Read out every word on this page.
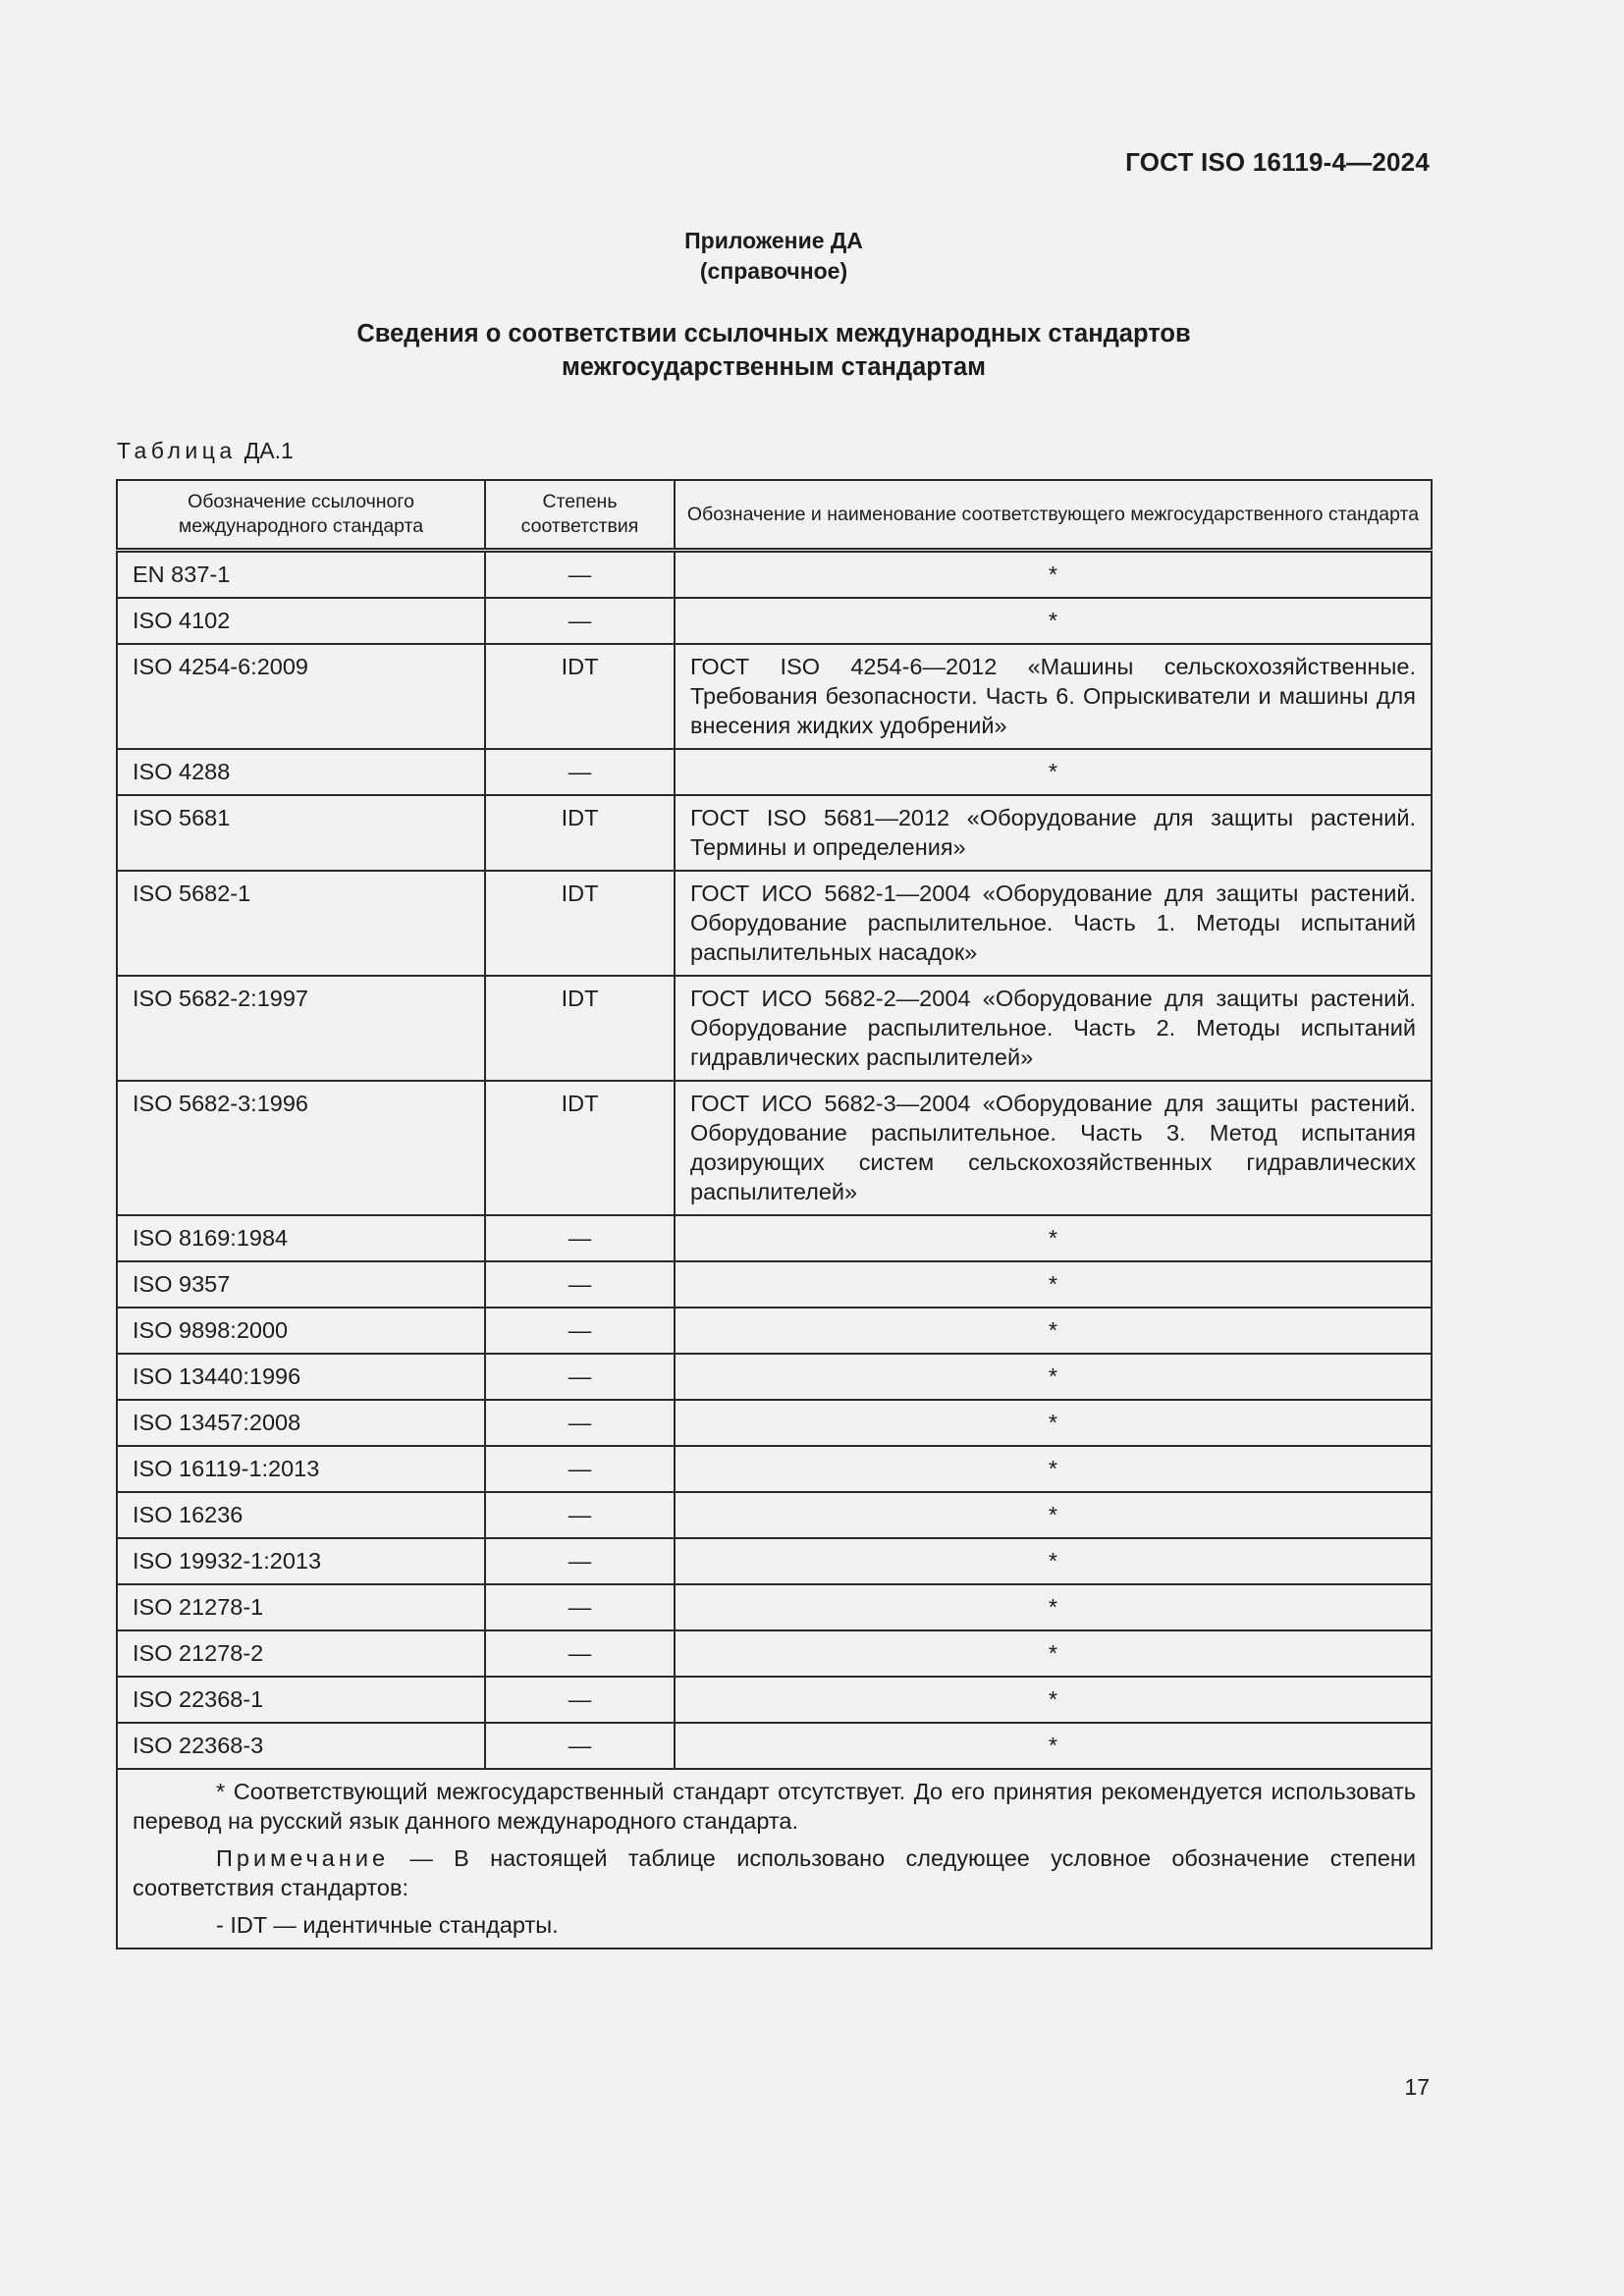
ГОСТ ISO 16119-4—2024
Приложение ДА
(справочное)
Сведения о соответствии ссылочных международных стандартов
межгосударственным стандартам
Таблица ДА.1
Обозначение ссылочного международного стандарта	Степень соответствия	Обозначение и наименование соответствующего межгосударственного стандарта
EN 837-1	—	*
ISO 4102	—	*
ISO 4254-6:2009	IDT	ГОСТ ISO 4254-6—2012 «Машины сельскохозяйственные. Требования безопасности. Часть 6. Опрыскиватели и машины для внесения жидких удобрений»
ISO 4288	—	*
ISO 5681	IDT	ГОСТ ISO 5681—2012 «Оборудование для защиты растений. Термины и определения»
ISO 5682-1	IDT	ГОСТ ИСО 5682-1—2004 «Оборудование для защиты растений. Оборудование распылительное. Часть 1. Методы испытаний распылительных насадок»
ISO 5682-2:1997	IDT	ГОСТ ИСО 5682-2—2004 «Оборудование для защиты растений. Оборудование распылительное. Часть 2. Методы испытаний гидравлических распылителей»
ISO 5682-3:1996	IDT	ГОСТ ИСО 5682-3—2004 «Оборудование для защиты растений. Оборудование распылительное. Часть 3. Метод испытания дозирующих систем сельскохозяйственных гидравлических распылителей»
ISO 8169:1984	—	*
ISO 9357	—	*
ISO 9898:2000	—	*
ISO 13440:1996	—	*
ISO 13457:2008	—	*
ISO 16119-1:2013	—	*
ISO 16236	—	*
ISO 19932-1:2013	—	*
ISO 21278-1	—	*
ISO 21278-2	—	*
ISO 22368-1	—	*
ISO 22368-3	—	*

* Соответствующий межгосударственный стандарт отсутствует. До его принятия рекомендуется использовать перевод на русский язык данного международного стандарта.
Примечание — В настоящей таблице использовано следующее условное обозначение степени соответствия стандартов:
- IDT — идентичные стандарты.		
17
